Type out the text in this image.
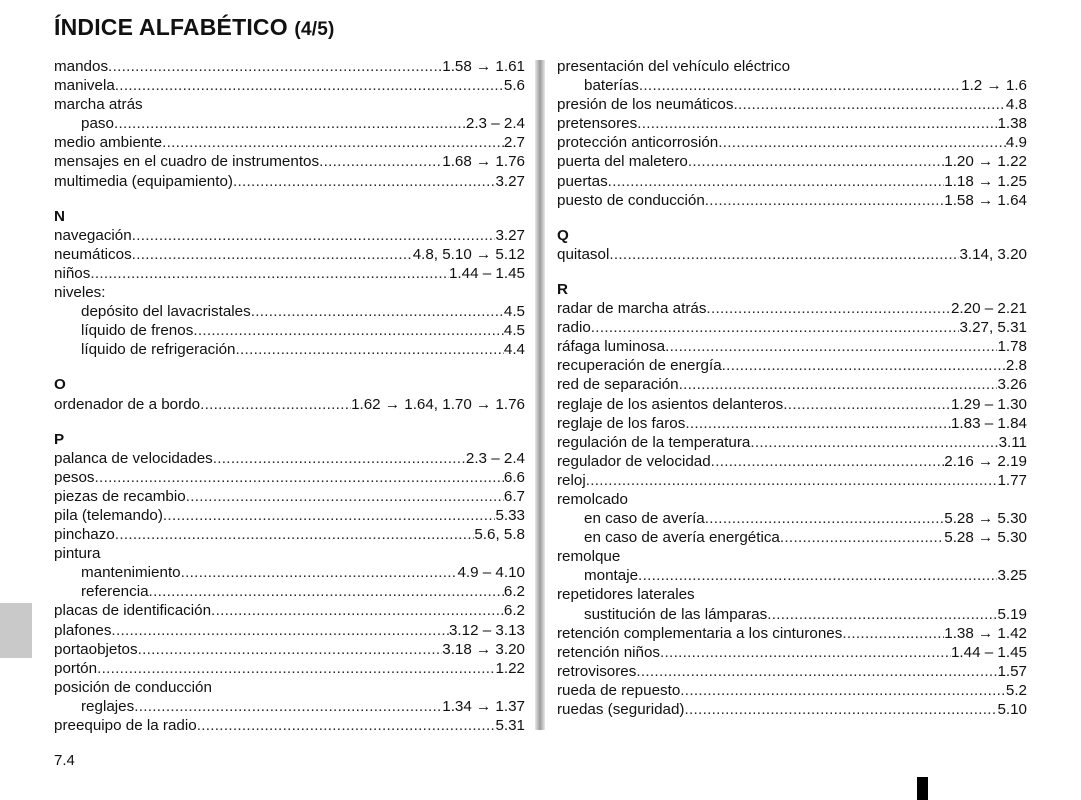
ÍNDICE ALFABÉTICO (4/5)
mandos .....	1.58 → 1.61
manivela .....	5.6
marcha atrás
paso .....	2.3 – 2.4
medio ambiente .....	2.7
mensajes en el cuadro de instrumentos .....	1.68 → 1.76
multimedia (equipamiento) .....	3.27
N
navegación .....	3.27
neumáticos .....	4.8, 5.10 → 5.12
niños .....	1.44 – 1.45
niveles:
depósito del lavacristales .....	4.5
líquido de frenos .....	4.5
líquido de refrigeración .....	4.4
O
ordenador de a bordo .....	1.62 → 1.64, 1.70 → 1.76
P
palanca de velocidades .....	2.3 – 2.4
pesos .....	6.6
piezas de recambio .....	6.7
pila (telemando) .....	5.33
pinchazo .....	5.6, 5.8
pintura
mantenimiento .....	4.9 – 4.10
referencia .....	6.2
placas de identificación .....	6.2
plafones .....	3.12 – 3.13
portaobjetos .....	3.18 → 3.20
portón .....	1.22
posición de conducción
reglajes .....	1.34 → 1.37
preequipo de la radio .....	5.31
presentación del vehículo eléctrico
baterías .....	1.2 → 1.6
presión de los neumáticos .....	4.8
pretensores .....	1.38
protección anticorrosión .....	4.9
puerta del maletero .....	1.20 → 1.22
puertas .....	1.18 → 1.25
puesto de conducción .....	1.58 → 1.64
Q
quitasol .....	3.14, 3.20
R
radar de marcha atrás .....	2.20 – 2.21
radio .....	3.27, 5.31
ráfaga luminosa .....	1.78
recuperación de energía .....	2.8
red de separación .....	3.26
reglaje de los asientos delanteros .....	1.29 – 1.30
reglaje de los faros .....	1.83 – 1.84
regulación de la temperatura .....	3.11
regulador de velocidad .....	2.16 → 2.19
reloj .....	1.77
remolcado
en caso de avería .....	5.28 → 5.30
en caso de avería energética .....	5.28 → 5.30
remolque
montaje .....	3.25
repetidores laterales
sustitución de las lámparas .....	5.19
retención complementaria a los cinturones .....	1.38 → 1.42
retención niños .....	1.44 – 1.45
retrovisores .....	1.57
rueda de repuesto .....	5.2
ruedas (seguridad) .....	5.10
7.4
